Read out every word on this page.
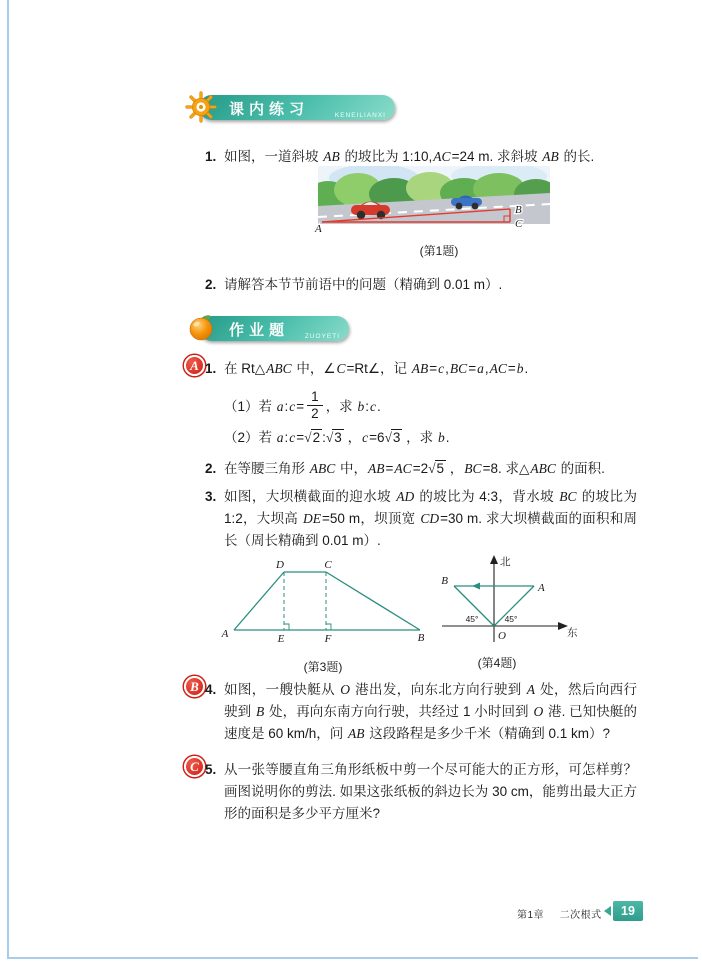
课内练习	KENEILIANXI
1. 如图，一道斜坡 AB 的坡比为 1:10,AC=24 m. 求斜坡 AB 的长.
A
B
C
(第1题)
2. 请解答本节节前语中的问题（精确到 0.01 m）.
作业题 ZUOYETI
A 1. 在 Rt△ABC 中，∠C=Rt∠，记 AB=c,BC=a,AC=b.
（1）若 a:c= $\frac{1}{2}$ ，求 b:c.
（2）若 a:c=√ 2 :√ 3 ，c=6√ 3 ，求 b.
2. 在等腰三角形 ABC 中，AB=AC=2√ 5 ，BC=8. 求△ABC 的面积.
3. 如图，大坝横截面的迎水坡 AD 的坡比为 4:3，背水坡 BC 的坡比为 1:2，大坝高 DE=50 m，坝顶宽 CD=30 m. 求大坝横截面的面积和周长（周长精确到 0.01 m）.
D	C
A	B
E	F
(第3题)
北
东
45°	45°
B
A
O
(第4题)
B 4. 如图，一艘快艇从 O 港出发，向东北方向行驶到 A 处，然后向西行驶到 B 处，再向东南方向行驶，共经过 1 小时回到 O 港. 已知快艇的速度是 60 km/h，问 AB 这段路程是多少千米（精确到 0.1 km）?
C 5. 从一张等腰直角三角形纸板中剪一个尽可能大的正方形，可怎样剪？画图说明你的剪法. 如果这张纸板的斜边长为 30 cm，能剪出最大正方形的面积是多少平方厘米?
第1章 二次根式	19
